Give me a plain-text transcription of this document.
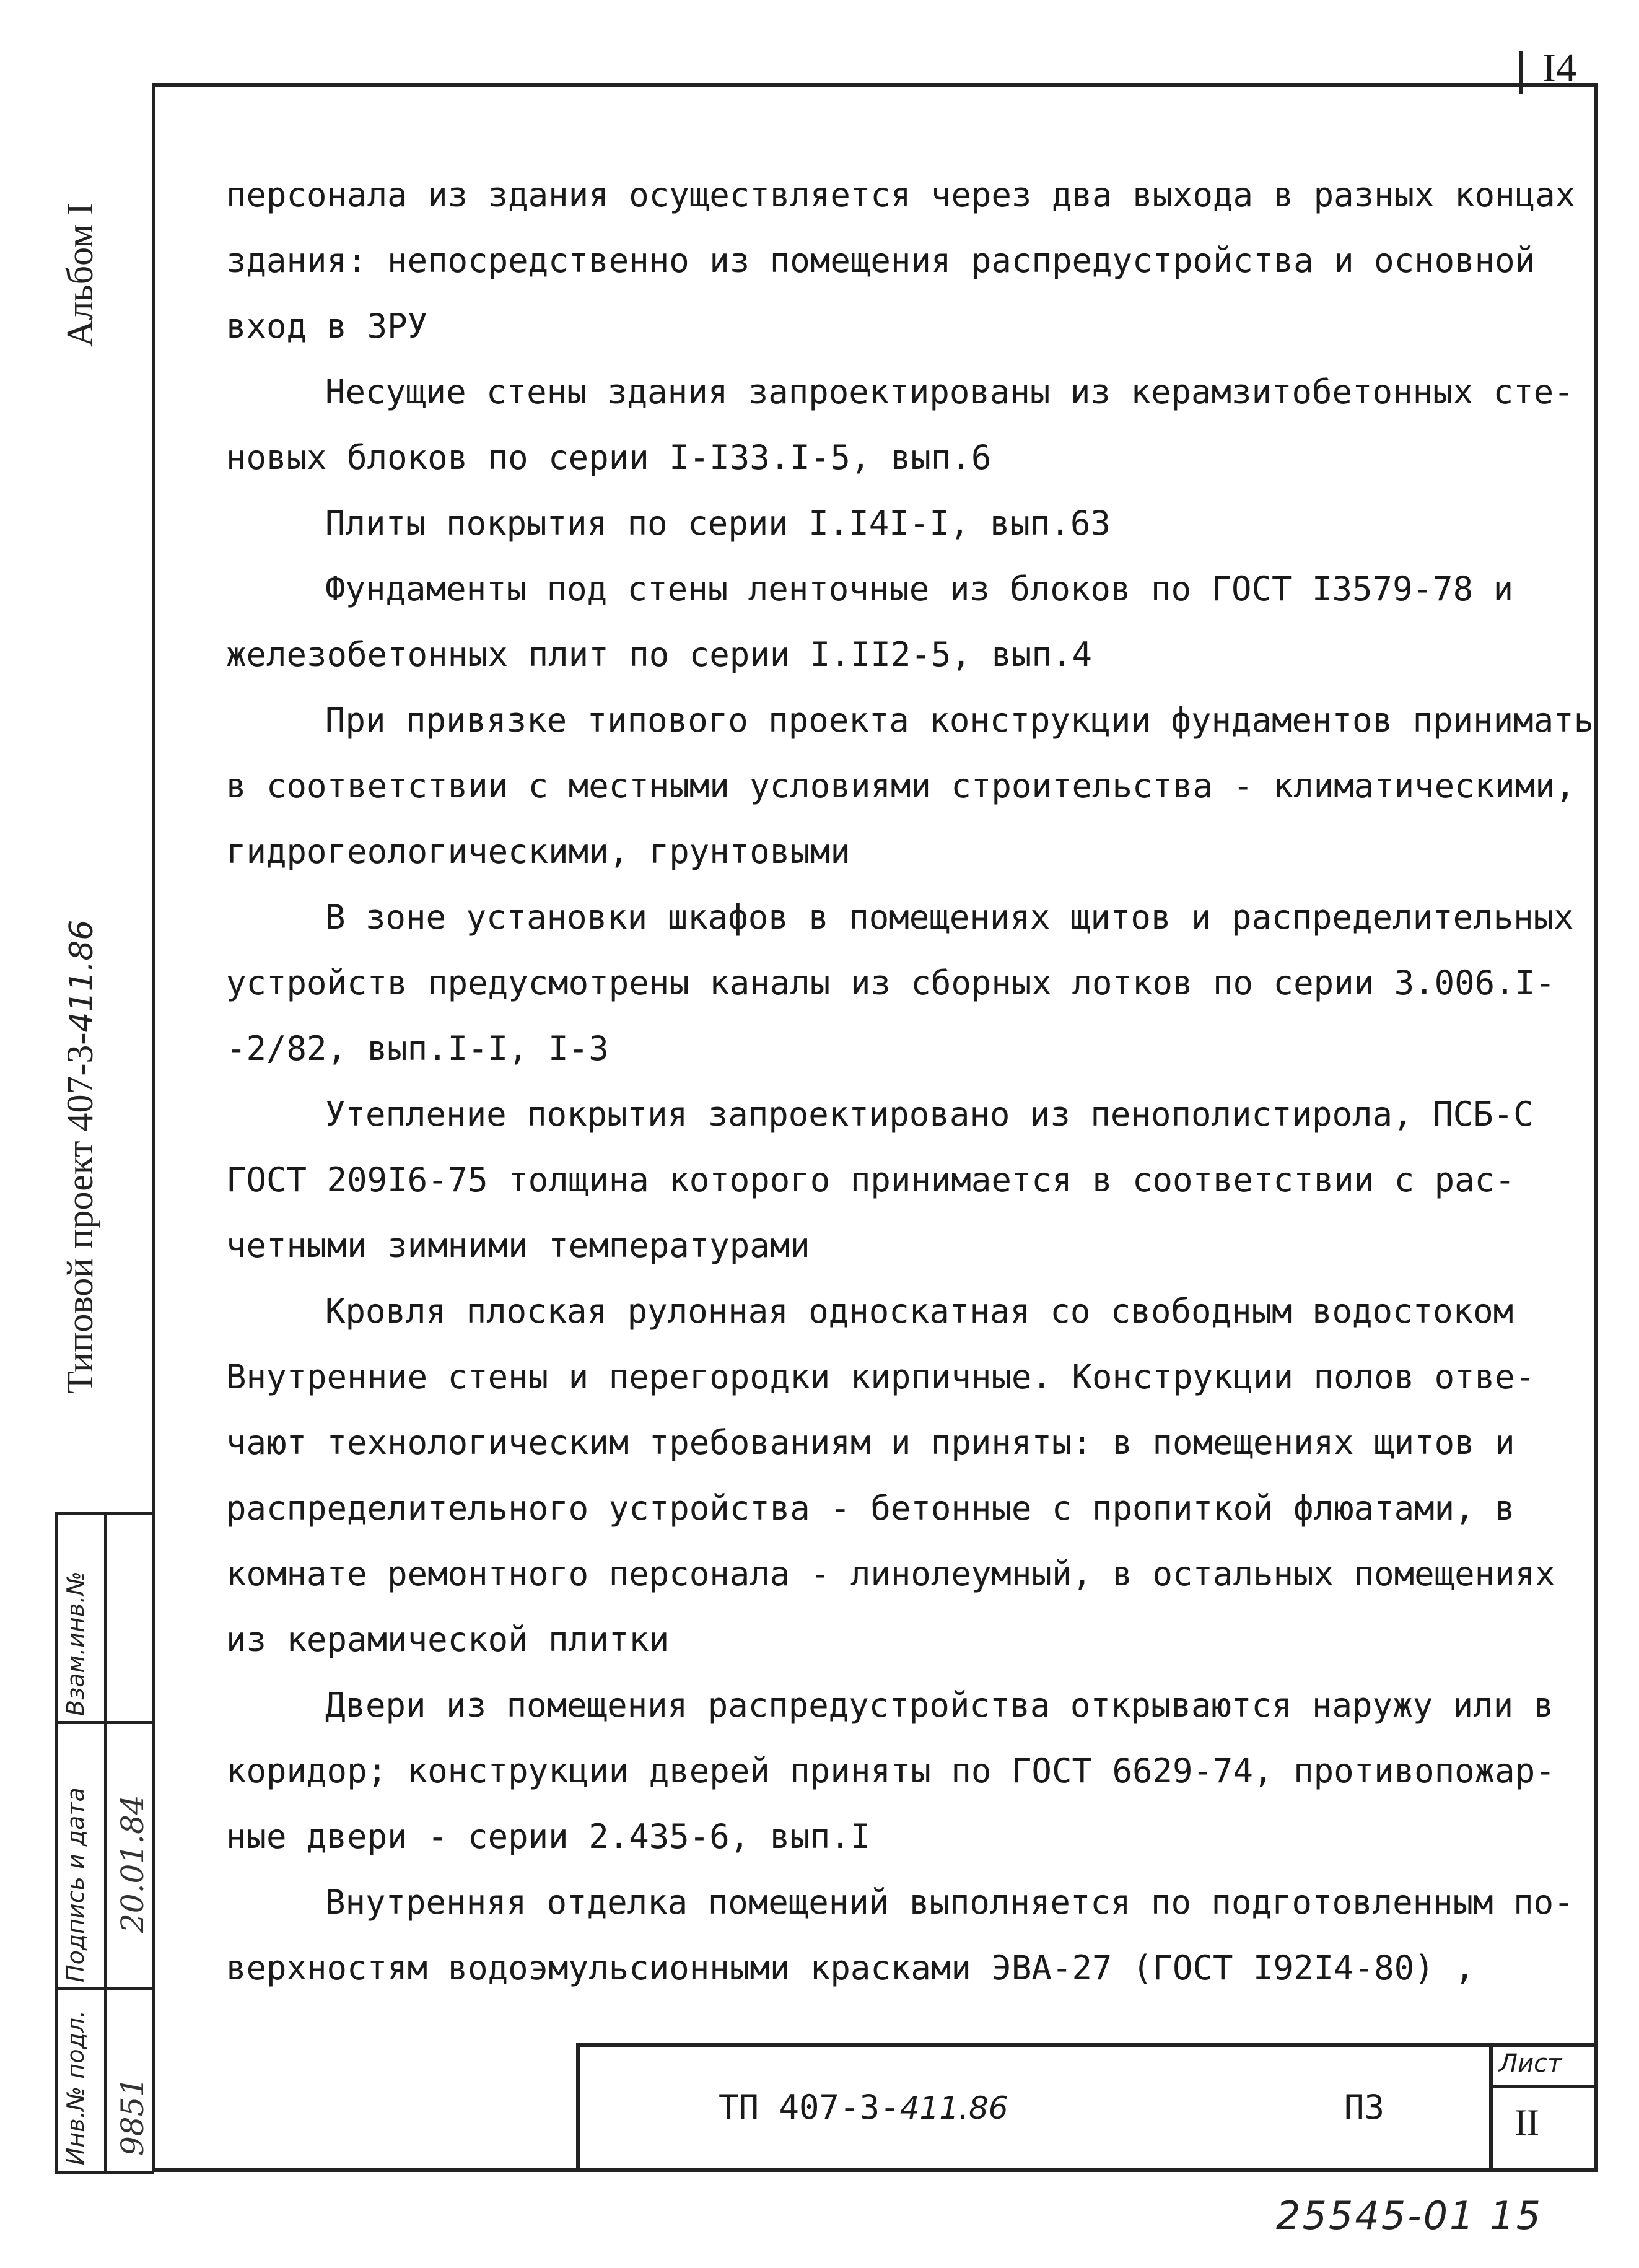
I4
Альбом I
Типовой проект 407-3-411.86
Инв.№ подл.
Подпись и дата
Взам.инв.№
9851
20.01.84

персонала из здания осуществляется через два выхода в разных концах

здания: непосредственно из помещения распредустройства и основной

вход в ЗРУ

Несущие стены здания запроектированы из керамзитобетонных сте-

новых блоков по серии I-I33.I-5, вып.6

Плиты покрытия по серии I.I4I-I, вып.63

Фундаменты под стены ленточные из блоков по ГОСТ I3579-78 и

железобетонных плит по серии I.II2-5, вып.4

При привязке типового проекта конструкции фундаментов принимать

в соответствии с местными условиями строительства - климатическими,

гидрогеологическими, грунтовыми

В зоне установки шкафов в помещениях щитов и распределительных

устройств предусмотрены каналы из сборных лотков по серии 3.006.I-

-2/82, вып.I-I, I-3

Утепление покрытия запроектировано из пенополистирола, ПСБ-С

ГОСТ 209I6-75 толщина которого принимается в соответствии с рас-

четными зимними температурами

Кровля плоская рулонная односкатная со свободным водостоком

Внутренние стены и перегородки кирпичные. Конструкции полов отве-

чают технологическим требованиям и приняты: в помещениях щитов и

распределительного устройства - бетонные с пропиткой флюатами, в

комнате ремонтного персонала - линолеумный, в остальных помещениях

из керамической плитки

Двери из помещения распредустройства открываются наружу или в

коридор; конструкции дверей приняты по ГОСТ 6629-74, противопожар-

ные двери - серии 2.435-6, вып.I

Внутренняя отделка помещений выполняется по подготовленным по-

верхностям водоэмульсионными красками ЭВА-27 (ГОСТ I92I4-80) ,

ТП 407-3-411.86	ПЗ
Лист
II
25545-01 15
